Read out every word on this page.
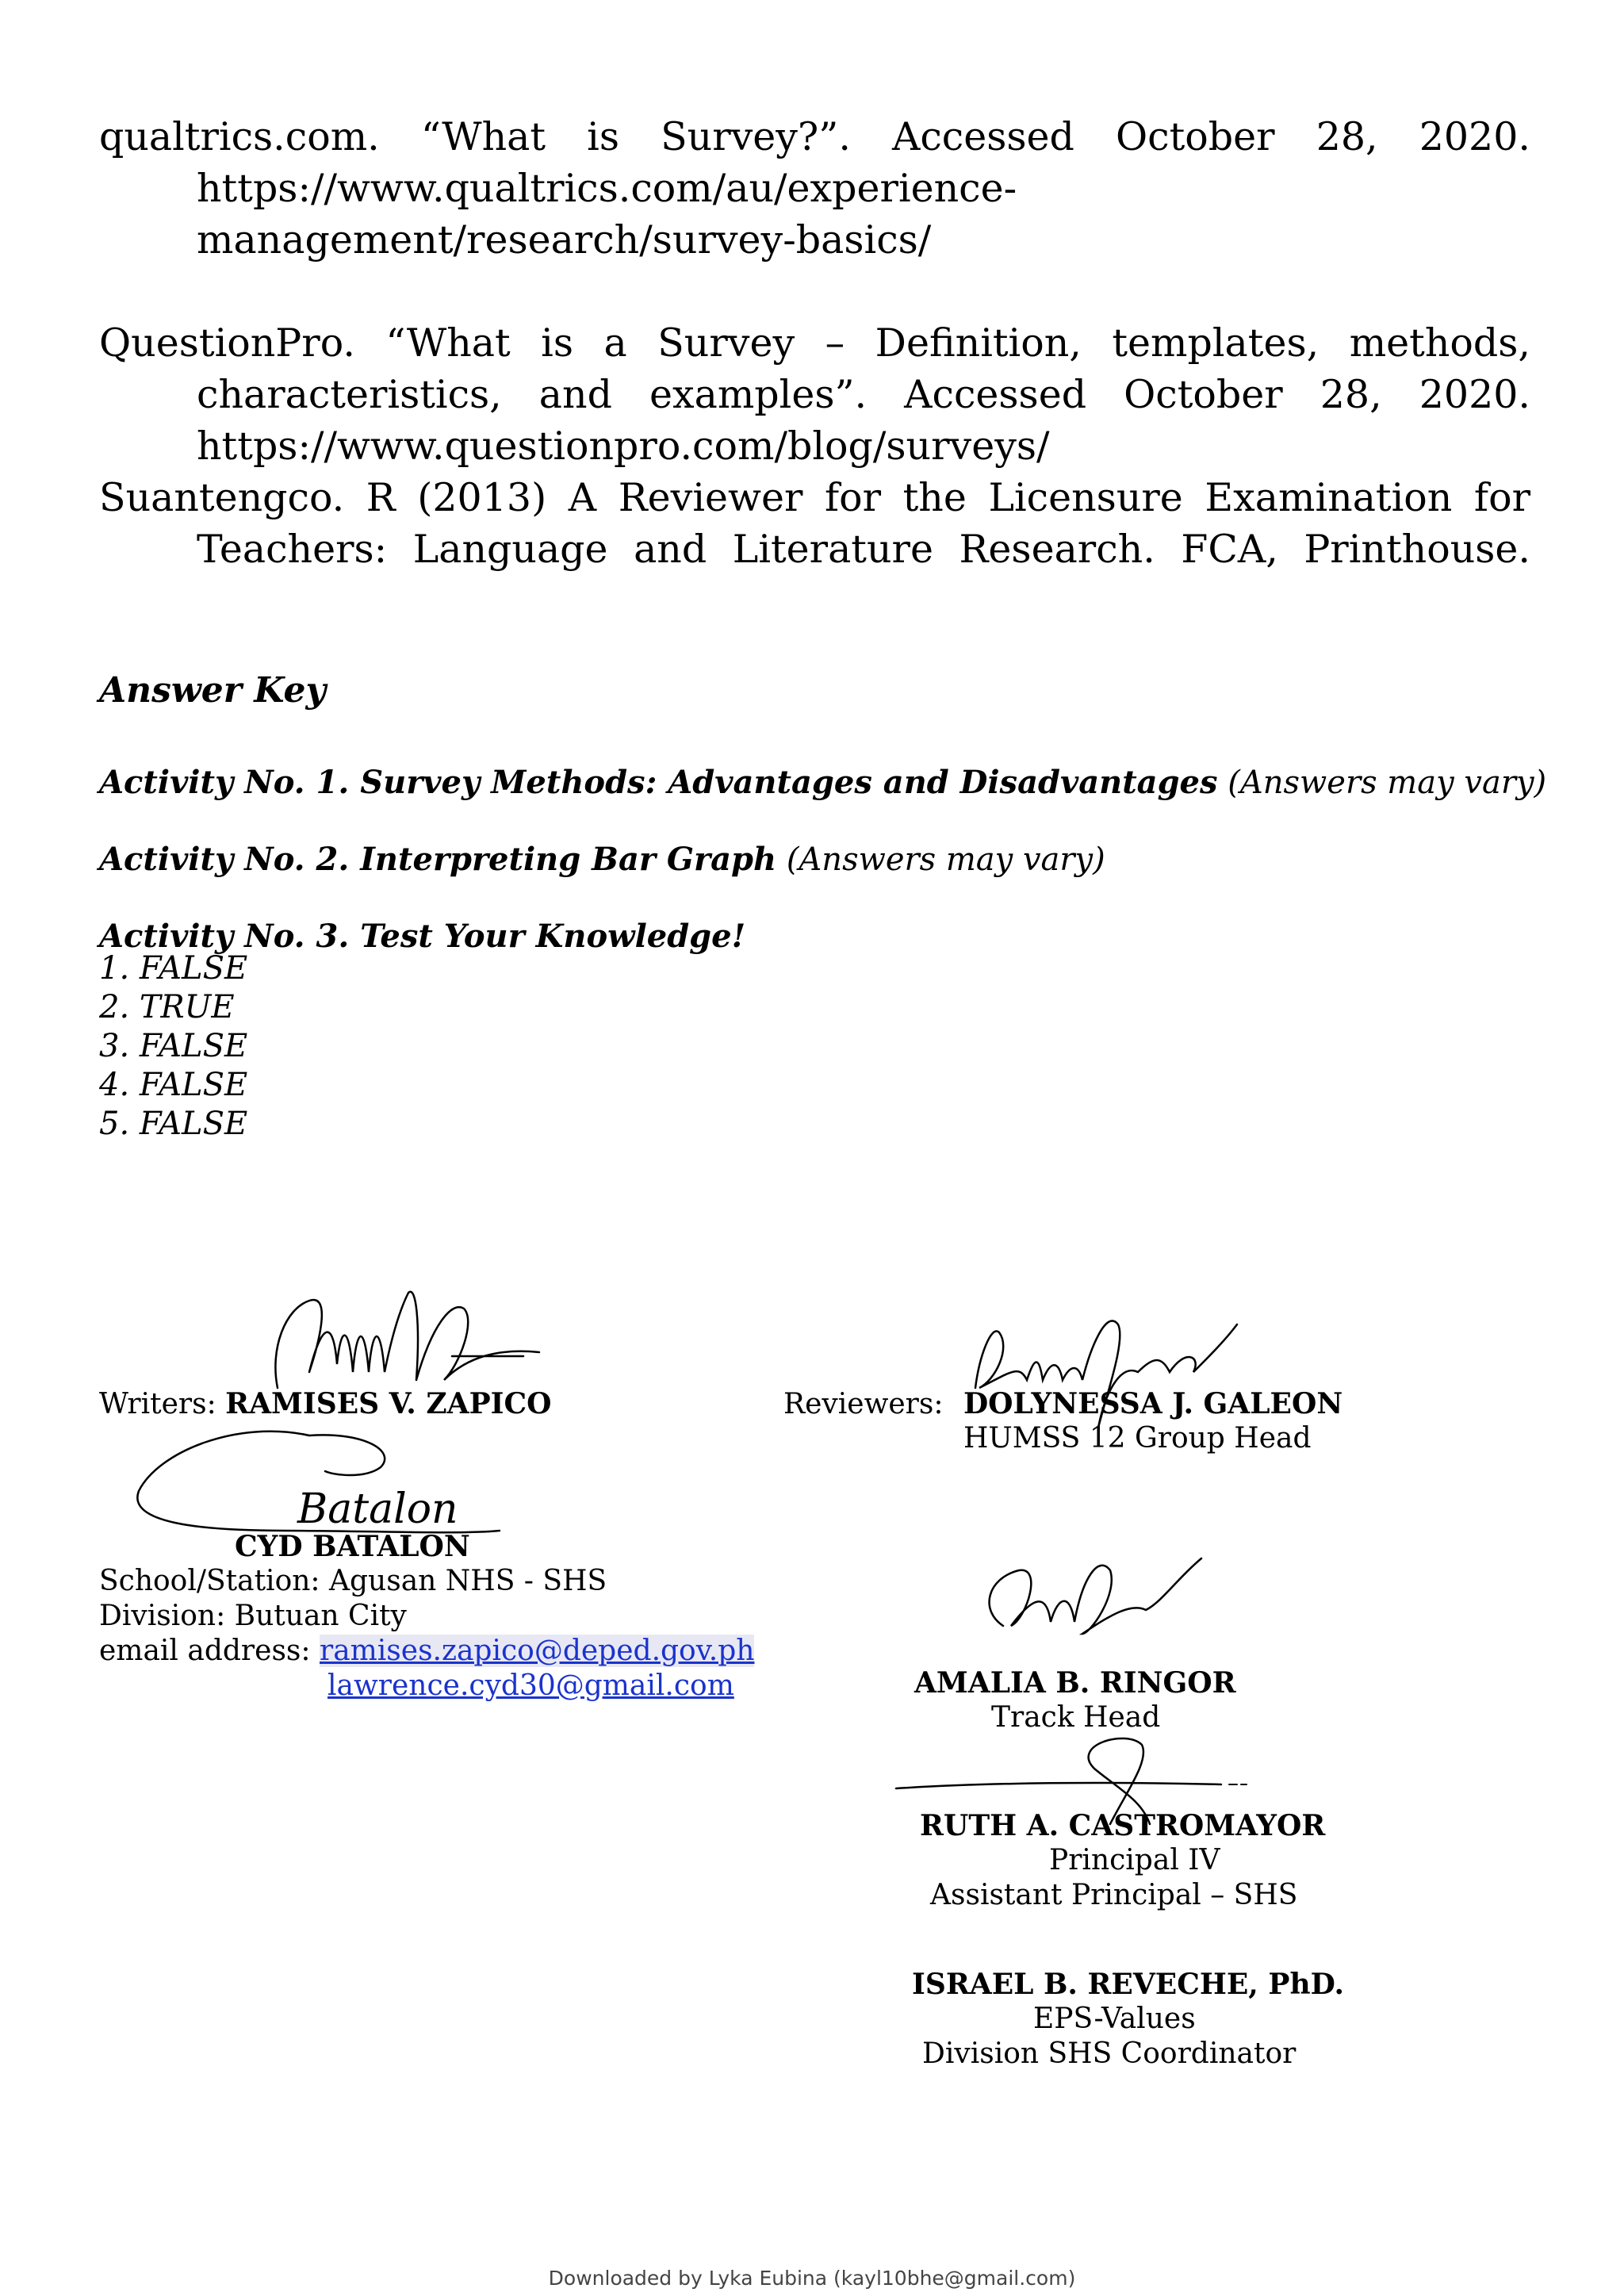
qualtrics.com. “What is Survey?”. Accessed October 28, 2020.
https://www.qualtrics.com/au/experience-
management/research/survey-basics/
QuestionPro. “What is a Survey – Definition, templates, methods,
characteristics, and examples”. Accessed October 28, 2020.
https://www.questionpro.com/blog/surveys/
Suantengco. R (2013) A Reviewer for the Licensure Examination for
Teachers: Language and Literature Research. FCA, Printhouse.
Answer Key
Activity No. 1. Survey Methods: Advantages and Disadvantages (Answers may vary)
Activity No. 2. Interpreting Bar Graph (Answers may vary)
Activity No. 3. Test Your Knowledge!
1. FALSE
2. TRUE
3. FALSE
4. FALSE
5. FALSE
Batalon
Writers: RAMISES V. ZAPICO
CYD BATALON
School/Station: Agusan NHS - SHS
Division: Butuan City
email address: ramises.zapico@deped.gov.ph
lawrence.cyd30@gmail.com
Reviewers: DOLYNESSA J. GALEON
HUMSS 12 Group Head
AMALIA B. RINGOR
Track Head
RUTH A. CASTROMAYOR
Principal IV
Assistant Principal – SHS
ISRAEL B. REVECHE, PhD.
EPS-Values
Division SHS Coordinator
Downloaded by Lyka Eubina (kayl10bhe@gmail.com)
